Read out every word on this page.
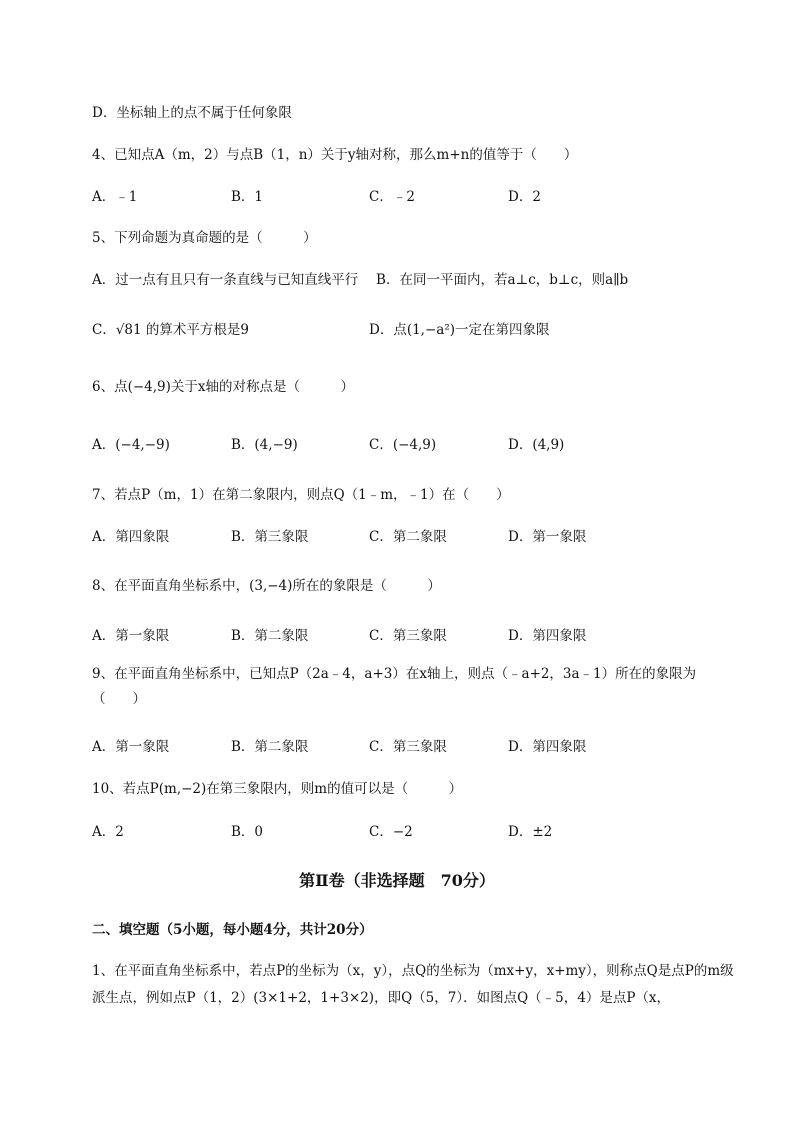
D．坐标轴上的点不属于任何象限
4、已知点A（m，2）与点B（1，n）关于y轴对称，那么m+n的值等于（　　）
A．﹣1	B．1	C．﹣2	D．2
5、下列命题为真命题的是（　　　）
A．过一点有且只有一条直线与已知直线平行　 B．在同一平面内，若a⊥c，b⊥c，则a∥b
C．√81 的算术平方根是9	D．点(1,−a²)一定在第四象限
6、点(−4,9)关于x轴的对称点是（　　　）
A．(−4,−9)	B．(4,−9)	C．(−4,9)	D．(4,9)
7、若点P（m，1）在第二象限内，则点Q（1﹣m，﹣1）在（　　）
A．第四象限	B．第三象限	C．第二象限	D．第一象限
8、在平面直角坐标系中，(3,−4)所在的象限是（　　　）
A．第一象限	B．第二象限	C．第三象限	D．第四象限
9、在平面直角坐标系中，已知点P（2a﹣4，a+3）在x轴上，则点（﹣a+2，3a﹣1）所在的象限为（　　）
A．第一象限	B．第二象限	C．第三象限	D．第四象限
10、若点P(m,−2)在第三象限内，则m的值可以是（　　　）
A．2	B．0	C．−2	D．±2
第Ⅱ卷（非选择题　70分）
二、填空题（5小题，每小题4分，共计20分）
1、在平面直角坐标系中，若点P的坐标为（x，y），点Q的坐标为（mx+y，x+my），则称点Q是点P的m级派生点，例如点P（1，2）(3×1+2，1+3×2)，即Q（5，7）．如图点Q（﹣5，4）是点P（x，
